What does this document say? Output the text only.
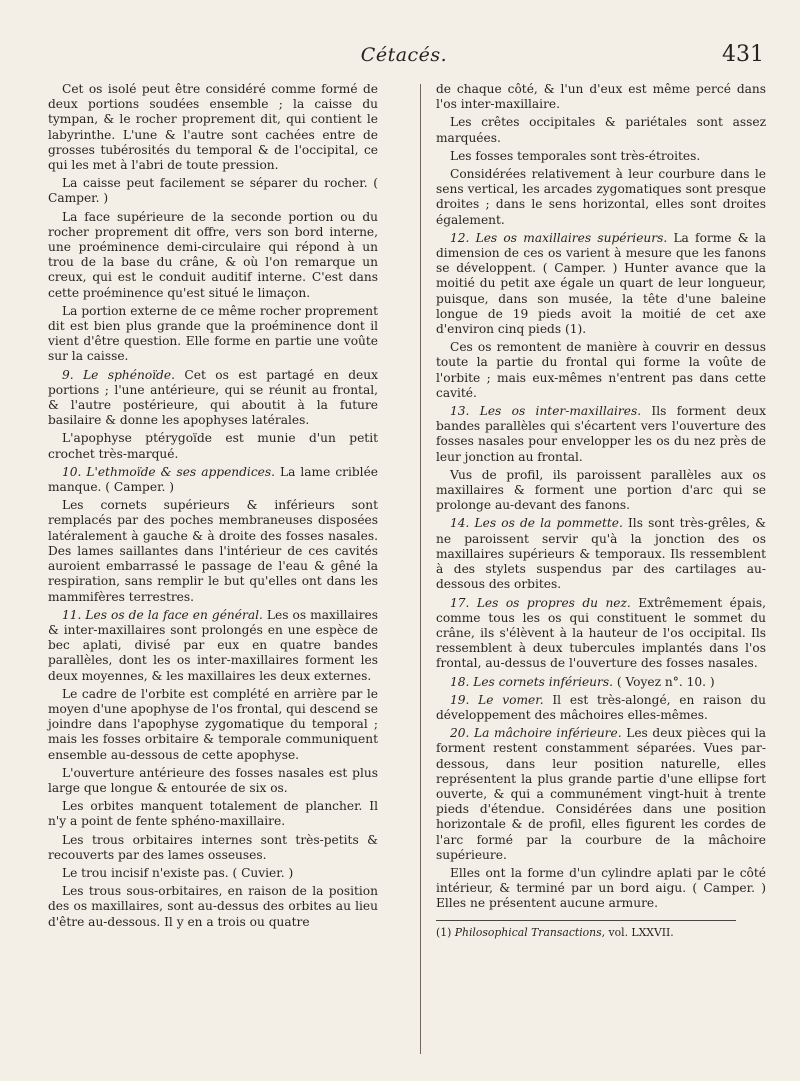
Cétacés.	431

Cet os isolé peut être considéré comme formé de deux portions soudées ensemble ; la caisse du tympan, & le rocher proprement dit, qui contient le labyrinthe. L'une & l'autre sont cachées entre de grosses tubérosités du temporal & de l'occipital, ce qui les met à l'abri de toute pression.

La caisse peut facilement se séparer du rocher. ( Camper. )

La face supérieure de la seconde portion ou du rocher proprement dit offre, vers son bord interne, une proéminence demi-circulaire qui répond à un trou de la base du crâne, & où l'on remarque un creux, qui est le conduit auditif interne. C'est dans cette proéminence qu'est situé le limaçon.

La portion externe de ce même rocher proprement dit est bien plus grande que la proéminence dont il vient d'être question. Elle forme en partie une voûte sur la caisse.

9. Le sphénoïde. Cet os est partagé en deux portions ; l'une antérieure, qui se réunit au frontal, & l'autre postérieure, qui aboutit à la future basilaire & donne les apophyses latérales.

L'apophyse ptérygoïde est munie d'un petit crochet très-marqué.

10. L'ethmoïde & ses appendices. La lame criblée manque. ( Camper. )

Les cornets supérieurs & inférieurs sont remplacés par des poches membraneuses disposées latéralement à gauche & à droite des fosses nasales. Des lames saillantes dans l'intérieur de ces cavités auroient embarrassé le passage de l'eau & gêné la respiration, sans remplir le but qu'elles ont dans les mammifères terrestres.

11. Les os de la face en général. Les os maxillaires & inter-maxillaires sont prolongés en une espèce de bec aplati, divisé par eux en quatre bandes parallèles, dont les os inter-maxillaires forment les deux moyennes, & les maxillaires les deux externes.

Le cadre de l'orbite est complété en arrière par le moyen d'une apophyse de l'os frontal, qui descend se joindre dans l'apophyse zygomatique du temporal ; mais les fosses orbitaire & temporale communiquent ensemble au-dessous de cette apophyse.

L'ouverture antérieure des fosses nasales est plus large que longue & entourée de six os.

Les orbites manquent totalement de plancher. Il n'y a point de fente sphéno-maxillaire.

Les trous orbitaires internes sont très-petits & recouverts par des lames osseuses.

Le trou incisif n'existe pas. ( Cuvier. )

Les trous sous-orbitaires, en raison de la position des os maxillaires, sont au-dessus des orbites au lieu d'être au-dessous. Il y en a trois ou quatre

de chaque côté, & l'un d'eux est même percé dans l'os inter-maxillaire.

Les crêtes occipitales & pariétales sont assez marquées.

Les fosses temporales sont très-étroites.

Considérées relativement à leur courbure dans le sens vertical, les arcades zygomatiques sont presque droites ; dans le sens horizontal, elles sont droites également.

12. Les os maxillaires supérieurs. La forme & la dimension de ces os varient à mesure que les fanons se développent. ( Camper. ) Hunter avance que la moitié du petit axe égale un quart de leur longueur, puisque, dans son musée, la tête d'une baleine longue de 19 pieds avoit la moitié de cet axe d'environ cinq pieds (1).

Ces os remontent de manière à couvrir en dessus toute la partie du frontal qui forme la voûte de l'orbite ; mais eux-mêmes n'entrent pas dans cette cavité.

13. Les os inter-maxillaires. Ils forment deux bandes parallèles qui s'écartent vers l'ouverture des fosses nasales pour envelopper les os du nez près de leur jonction au frontal.

Vus de profil, ils paroissent parallèles aux os maxillaires & forment une portion d'arc qui se prolonge au-devant des fanons.

14. Les os de la pommette. Ils sont très-grêles, & ne paroissent servir qu'à la jonction des os maxillaires supérieurs & temporaux. Ils ressemblent à des stylets suspendus par des cartilages au-dessous des orbites.

17. Les os propres du nez. Extrêmement épais, comme tous les os qui constituent le sommet du crâne, ils s'élèvent à la hauteur de l'os occipital. Ils ressemblent à deux tubercules implantés dans l'os frontal, au-dessus de l'ouverture des fosses nasales.

18. Les cornets inférieurs. ( Voyez n°. 10. )

19. Le vomer. Il est très-alongé, en raison du développement des mâchoires elles-mêmes.

20. La mâchoire inférieure. Les deux pièces qui la forment restent constamment séparées. Vues par-dessous, dans leur position naturelle, elles représentent la plus grande partie d'une ellipse fort ouverte, & qui a communément vingt-huit à trente pieds d'étendue. Considérées dans une position horizontale & de profil, elles figurent les cordes de l'arc formé par la courbure de la mâchoire supérieure.

Elles ont la forme d'un cylindre aplati par le côté intérieur, & terminé par un bord aigu. ( Camper. ) Elles ne présentent aucune armure.

(1) Philosophical Transactions, vol. LXXVII.
